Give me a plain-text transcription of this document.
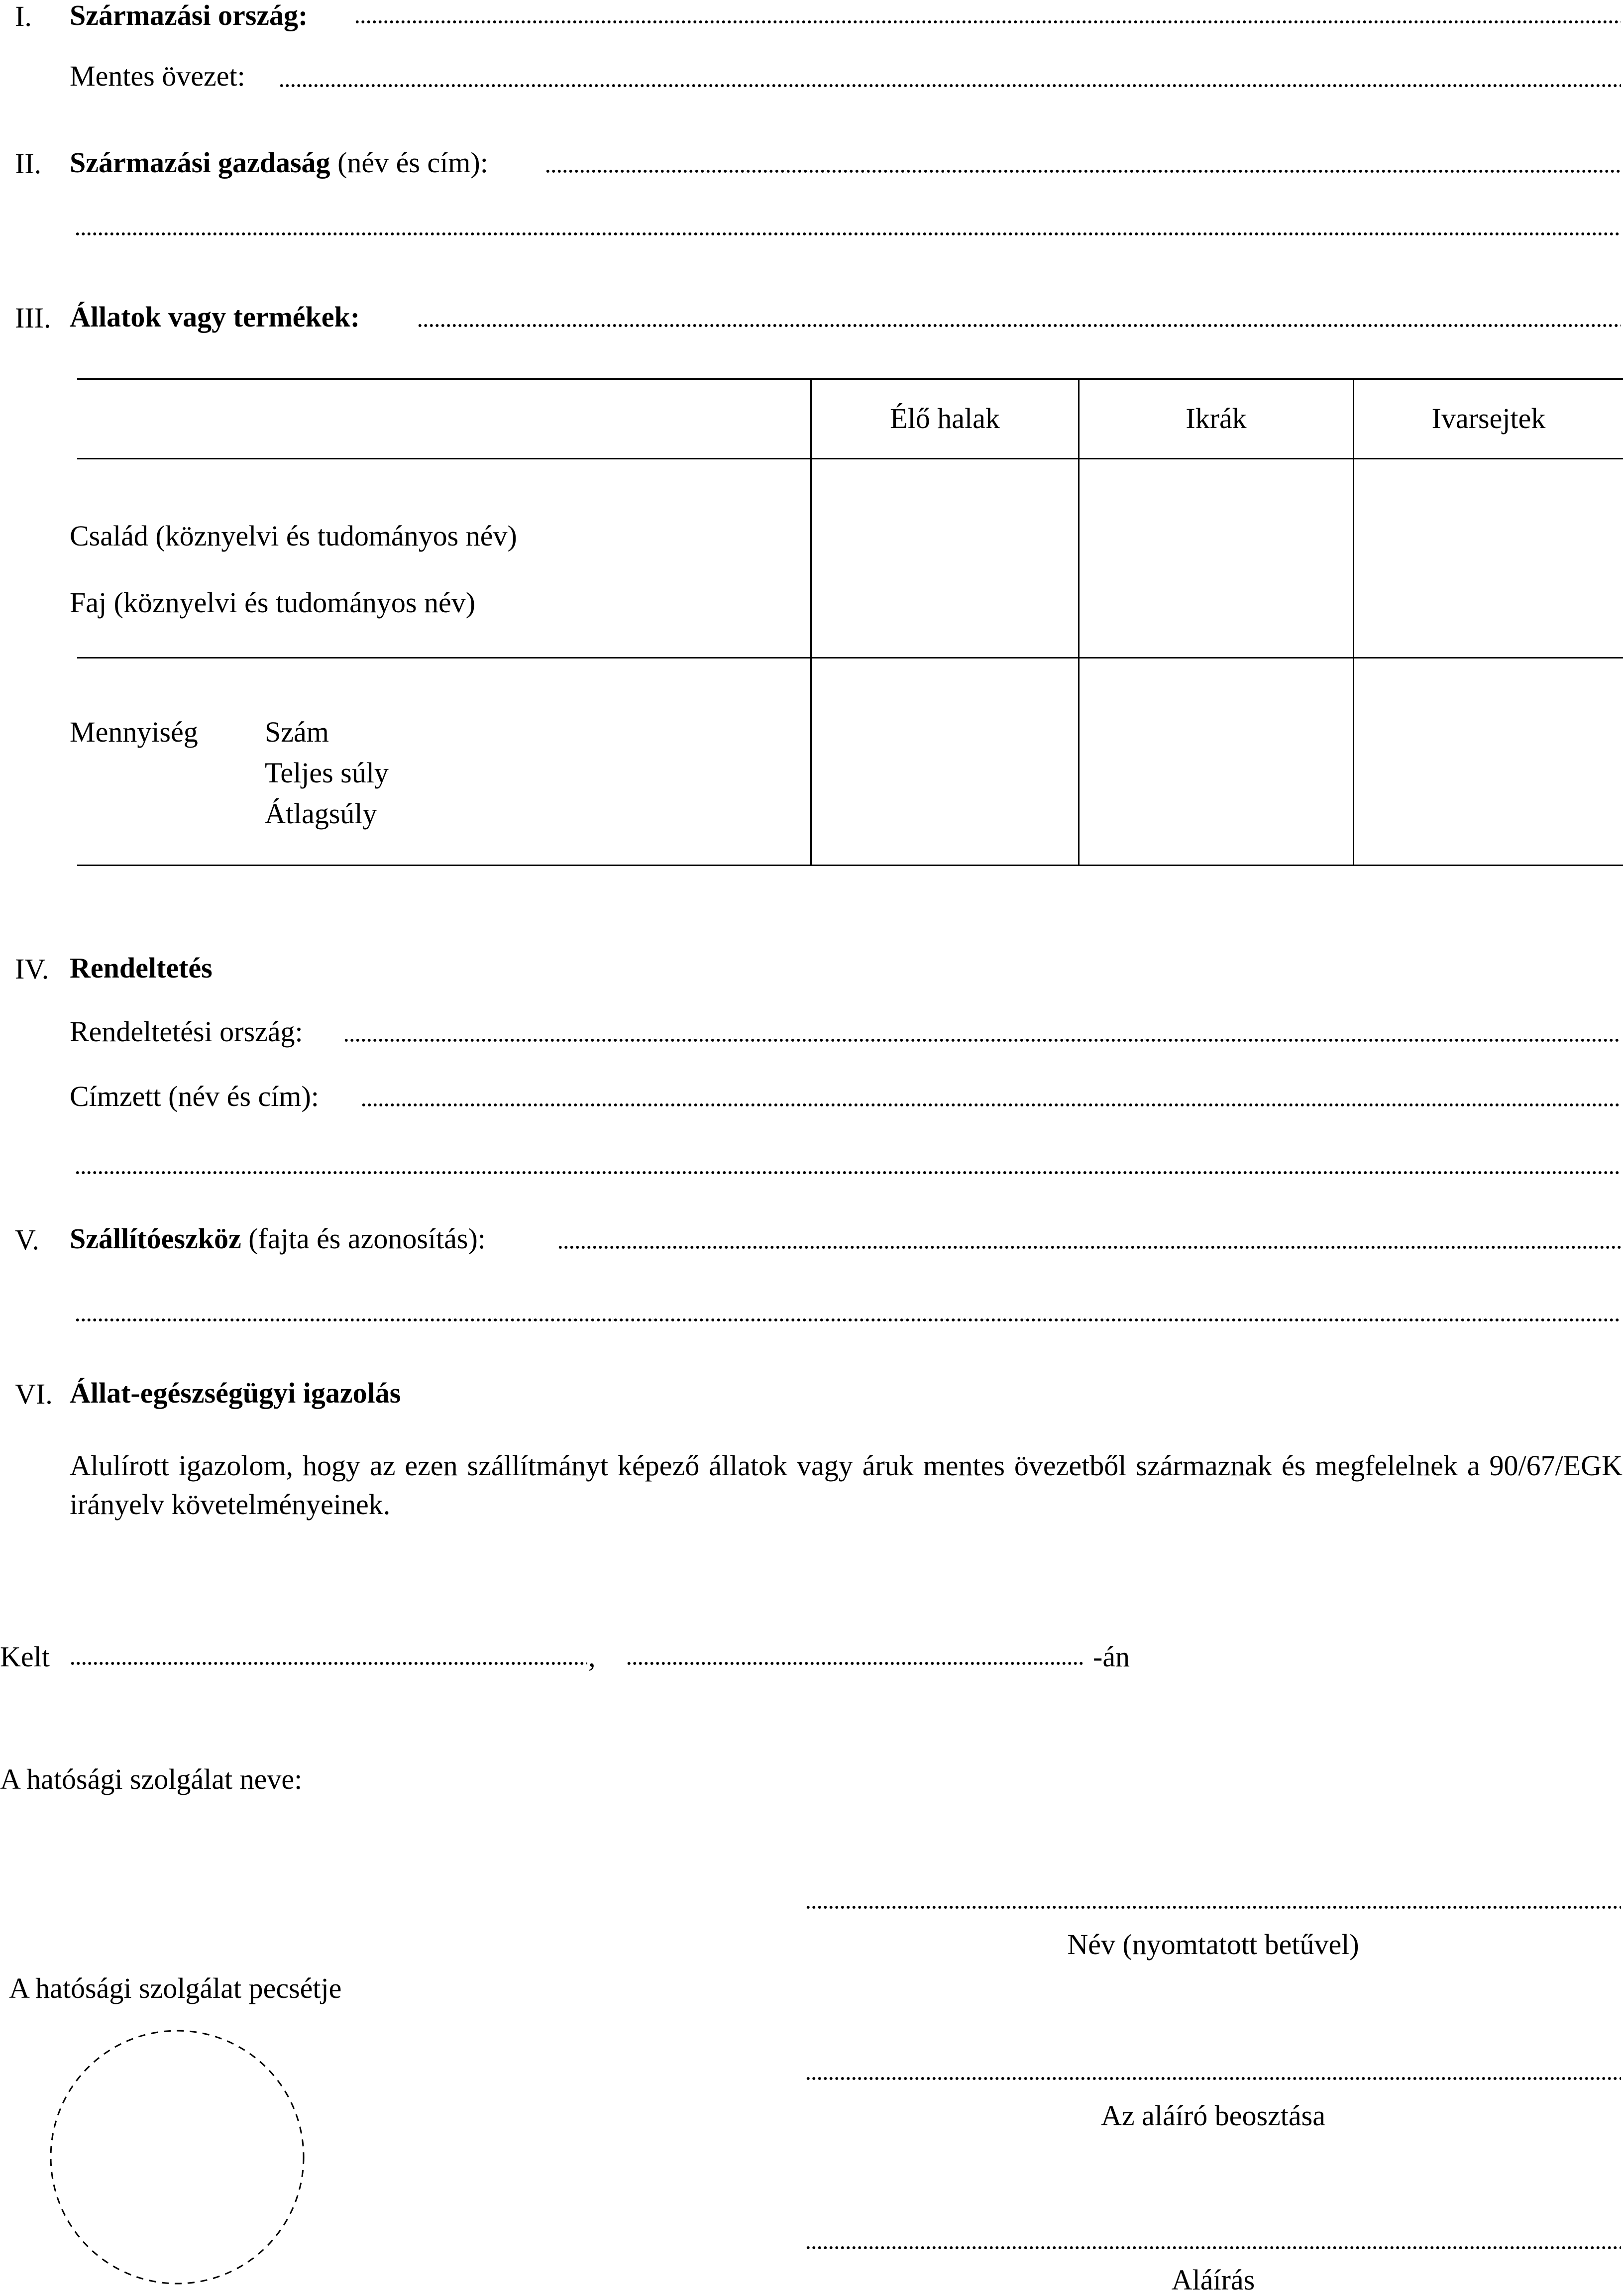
I. Származási ország:
Mentes övezet:
II. Származási gazdaság (név és cím):
III. Állatok vagy termékek:
Élő halak	Ikrák	Ivarsejtek
Család (köznyelvi és tudományos név)
Faj (köznyelvi és tudományos név)
Mennyiség Szám
Teljes súly
Átlagsúly
IV. Rendeltetés
Rendeltetési ország:
Címzett (név és cím):
V. Szállítóeszköz (fajta és azonosítás):
VI. Állat-egészségügyi igazolás
Alulírott igazolom, hogy az ezen szállítmányt képező állatok vagy áruk mentes övezetből származnak és megfelelnek a 90/67/EGK irányelv követelményeinek.
Kelt	,	-án
A hatósági szolgálat neve:
Név (nyomtatott betűvel)
A hatósági szolgálat pecsétje
Az aláíró beosztása
Aláírás
